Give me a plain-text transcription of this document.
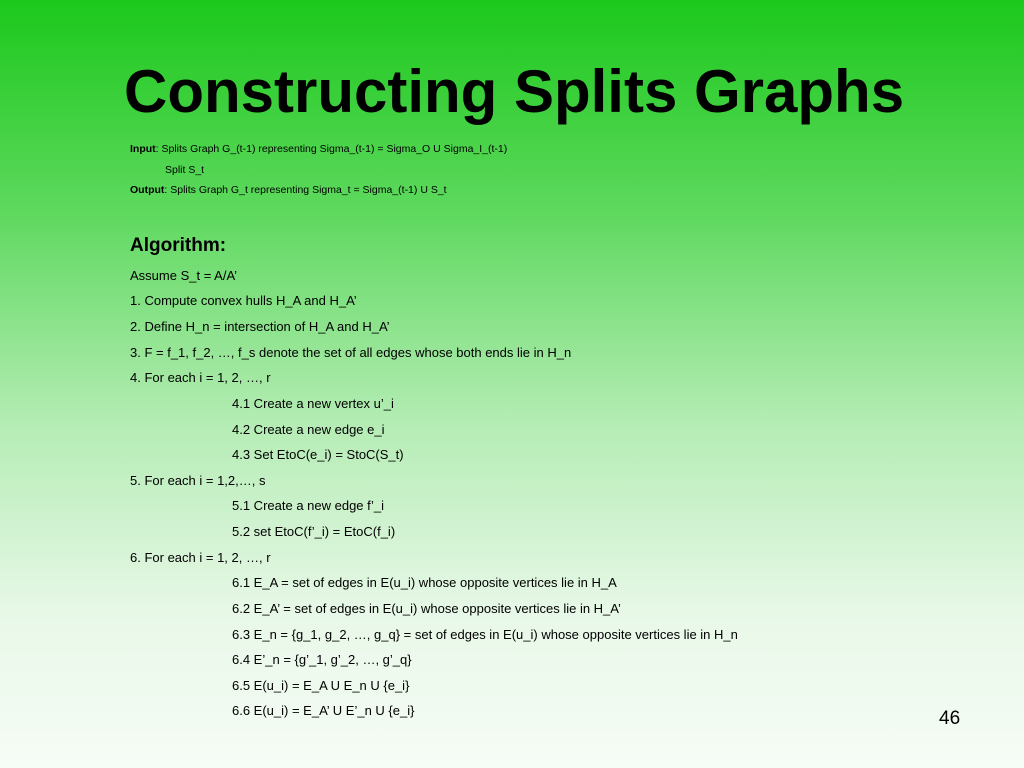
Constructing Splits Graphs
Input: Splits Graph G_(t-1) representing Sigma_(t-1) = Sigma_O U Sigma_I_(t-1)
Split S_t
Output: Splits Graph G_t representing Sigma_t = Sigma_(t-1) U S_t
Algorithm:
Assume S_t = A/A’
1. Compute convex hulls H_A and H_A’
2. Define H_n = intersection of H_A and H_A’
3. F = f_1, f_2, …, f_s denote the set of all edges whose both ends lie in H_n
4. For each i = 1, 2, …, r
4.1 Create a new vertex u’_i
4.2 Create a new edge e_i
4.3 Set EtoC(e_i) = StoC(S_t)
5. For each i = 1,2,…, s
5.1 Create a new edge f’_i
5.2 set EtoC(f’_i) = EtoC(f_i)
6. For each i = 1, 2, …, r
6.1 E_A = set of edges in E(u_i) whose opposite vertices lie in H_A
6.2 E_A’ = set of edges in E(u_i) whose opposite vertices lie in H_A’
6.3 E_n = {g_1, g_2, …, g_q} = set of edges in E(u_i) whose opposite vertices lie in H_n
6.4 E’_n = {g’_1, g’_2, …, g’_q}
6.5 E(u_i) = E_A U E_n U {e_i}
6.6 E(u_i) = E_A’ U E’_n U {e_i}	46
